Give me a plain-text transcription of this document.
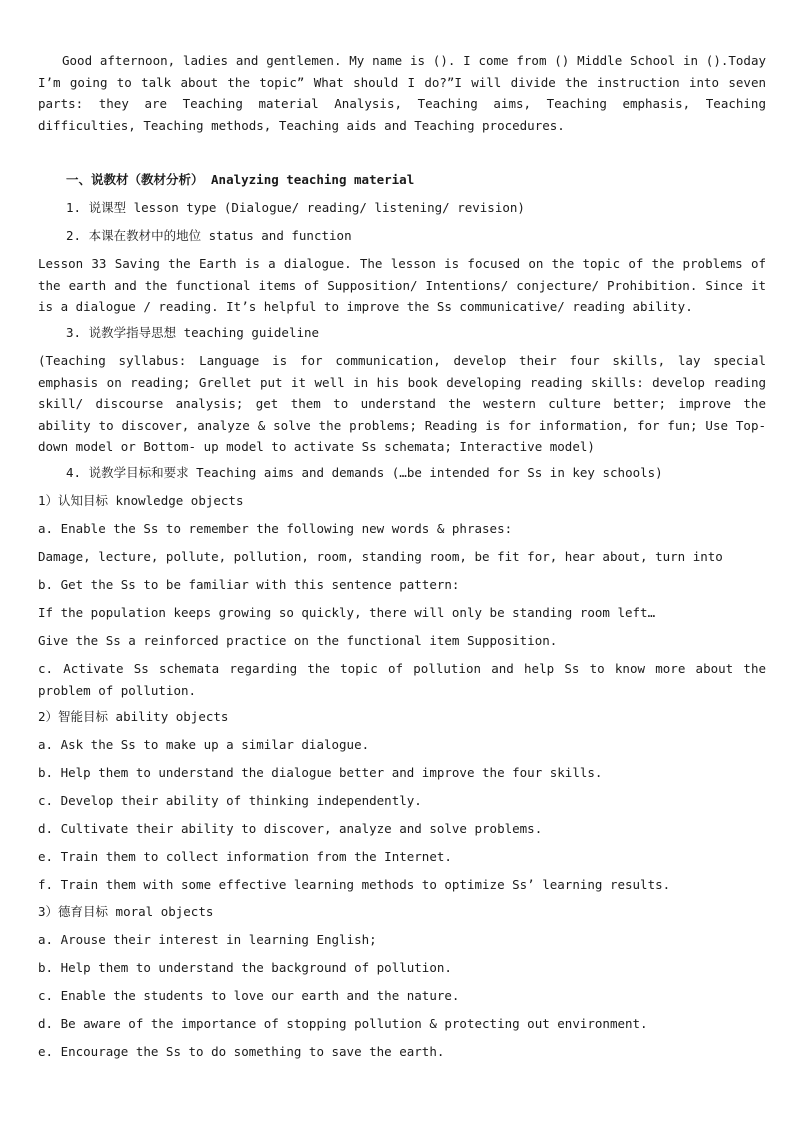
Good afternoon, ladies and gentlemen. My name is (). I come from () Middle School in ().Today I’m going to talk about the topic” What should I do?”I will divide the instruction into seven parts: they are Teaching material Analysis, Teaching aims, Teaching emphasis, Teaching difficulties, Teaching methods, Teaching aids and Teaching procedures.

一、说教材（教材分析） Analyzing teaching material

1. 说课型 lesson type (Dialogue/ reading/ listening/ revision)

2. 本课在教材中的地位 status and function

Lesson 33 Saving the Earth is a dialogue. The lesson is focused on the topic of the problems of the earth and the functional items of Supposition/ Intentions/ conjecture/ Prohibition. Since it is a dialogue / reading. It’s helpful to improve the Ss communicative/ reading ability.

3. 说教学指导思想 teaching guideline

(Teaching syllabus: Language is for communication, develop their four skills, lay special emphasis on reading; Grellet put it well in his book developing reading skills: develop reading skill/ discourse analysis; get them to understand the western culture better; improve the ability to discover, analyze & solve the problems; Reading is for information, for fun; Use Top- down model or Bottom- up model to activate Ss schemata; Interactive model)

4. 说教学目标和要求 Teaching aims and demands (…be intended for Ss in key schools)

1）认知目标 knowledge objects

a. Enable the Ss to remember the following new words & phrases:

Damage, lecture, pollute, pollution, room, standing room, be fit for, hear about, turn into

b. Get the Ss to be familiar with this sentence pattern:

If the population keeps growing so quickly, there will only be standing room left…

Give the Ss a reinforced practice on the functional item Supposition.

c. Activate Ss schemata regarding the topic of pollution and help Ss to know more about the problem of pollution.

2）智能目标 ability objects

a. Ask the Ss to make up a similar dialogue.

b. Help them to understand the dialogue better and improve the four skills.

c. Develop their ability of thinking independently.

d. Cultivate their ability to discover, analyze and solve problems.

e. Train them to collect information from the Internet.

f. Train them with some effective learning methods to optimize Ss’ learning results.

3）德育目标 moral objects

a. Arouse their interest in learning English;

b. Help them to understand the background of pollution.

c. Enable the students to love our earth and the nature.

d. Be aware of the importance of stopping pollution & protecting out environment.

e. Encourage the Ss to do something to save the earth.
